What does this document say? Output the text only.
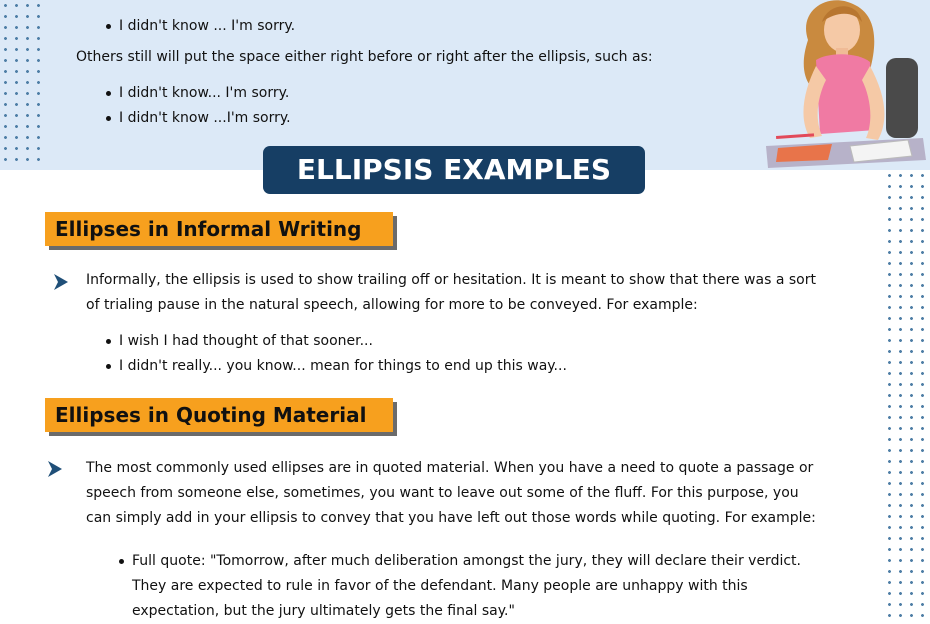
I didn't know ... I'm sorry.

Others still will put the space either right before or right after the ellipsis, such as:

I didn't know... I'm sorry.
I didn't know ...I'm sorry.
ELLIPSIS EXAMPLES
Ellipses in Informal Writing

Informally, the ellipsis is used to show trailing off or hesitation. It is meant to show that there was a sort

of trialing pause in the natural speech, allowing for more to be conveyed. For example:

I wish I had thought of that sooner...
I didn't really... you know... mean for things to end up this way...
Ellipses in Quoting Material

The most commonly used ellipses are in quoted material. When you have a need to quote a passage or

speech from someone else, sometimes, you want to leave out some of the fluff. For this purpose, you

can simply add in your ellipsis to convey that you have left out those words while quoting. For example:

Full quote: "Tomorrow, after much deliberation amongst the jury, they will declare their verdict.

They are expected to rule in favor of the defendant. Many people are unhappy with this

expectation, but the jury ultimately gets the final say."
